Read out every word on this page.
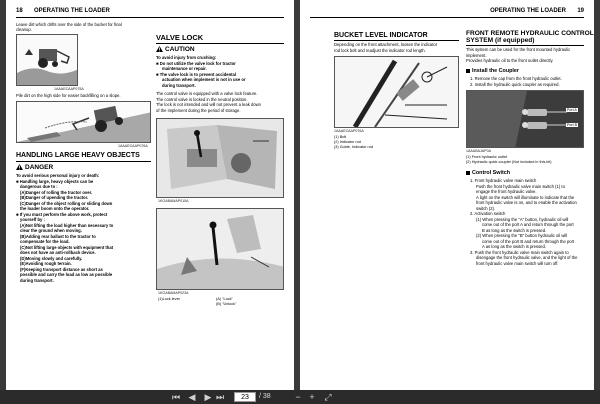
18 OPERATING THE LOADER
Leave dirt which drifts over the side of the bucket for final
cleanup.
1AAAECAAP075A
Pile dirt on the high side for easier backfilling on a slope.
1AAAECAAP076A
HANDLING LARGE HEAVY OBJECTS
DANGER
To avoid serious personal injury or death:
■ Handling large, heavy objects can be
dangerous due to :
(A)Danger of rolling the tractor over.
(B)Danger of upending the tractor.
(C)Danger of the object rolling or sliding down
the loader boom onto the operator.
■ If you must perform the above work, protect
yourself by :
(A)Not lifting the load higher than necessary to
clear the ground when moving.
(B)Adding rear ballast to the tractor to
compensate for the load.
(C)Not lifting large objects with equipment that
does not have an anti-rollback device.
(D)Moving slowly and carefully.
(E)Avoiding rough terrain.
(F)Keeping transport distance as short as
possible and carry the load as low as possible
during transport.
VALVE LOCK
CAUTION
To avoid injury from crushing:
■ Do not utilize the valve lock for tractor
maintenance or repair.
■ The valve lock is to prevent accidental
actuation when implement is not in use or
during transport.
The control valve is equipped with a valve lock feature.
The control valve is locked in the neutral position.
The lock is not intended and will not prevent a leak down
of the implement during the period of storage.
1KGABAMAP010A
1KGABAMAP023A
(1)Lock lever	(A) "Lock"
(B) "Unlock"
OPERATING THE LOADER 19
BUCKET LEVEL INDICATOR
Depending on the front attachment, loosen the indicator
rod lock bolt and readjust the indicator rod length.
1AAAECAAP076A
(1) Bolt
(2) Indicator rod
(3) Guide, Indicator rod
FRONT REMOTE HYDRAULIC CONTROL
SYSTEM (if equipped)
This system can be used for the front mounted hydraulic
implement.
Provides hydraulic oil to the front outlet directly.
Install the Coupler
1. Remove the cap from the front hydraulic outlet.
2. Install the hydraulic quick coupler as required.
Port A
Port B
1AAABAJAP0A
(1) Front hydraulic outlet
(2) Hydraulic quick coupler (Not included in this kit)
Control Switch
1. Front hydraulic valve main switch
Push the front hydraulic valve main switch (1) to
engage the front hydraulic valve.
A light on the switch will illuminate to indicate that the
front hydraulic valve is on, and to enable the activation
switch (2).
2. Activation switch
(1) When pressing the "A" button, hydraulic oil will
come out of the port A and return through the port
B as long as the switch is pressed.
(2) When pressing the "B" button hydraulic oil will
come out of the port B and return through the port
A as long as the switch is pressed.
3. Push the front hydraulic valve main switch again to
disengage the front hydraulic valve, and the light of the
front hydraulic valve main switch will turn off.
⏮ ◀ ▶ ⏭	23	/ 38	− +	⤢
